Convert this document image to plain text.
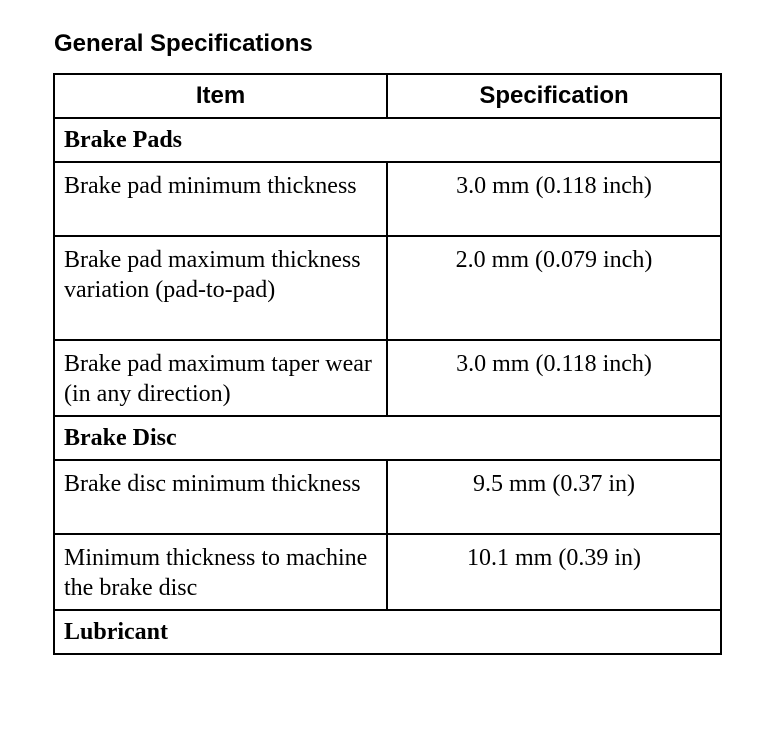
General Specifications
Item	Specification
Brake Pads	
Brake pad minimum thickness	3.0 mm (0.118 inch)
Brake pad maximum thickness variation (pad-to-pad)	2.0 mm (0.079 inch)
Brake pad maximum taper wear (in any direction)	3.0 mm (0.118 inch)
Brake Disc	
Brake disc minimum thickness	9.5 mm (0.37 in)
Minimum thickness to machine the brake disc	10.1 mm (0.39 in)
Lubricant	
